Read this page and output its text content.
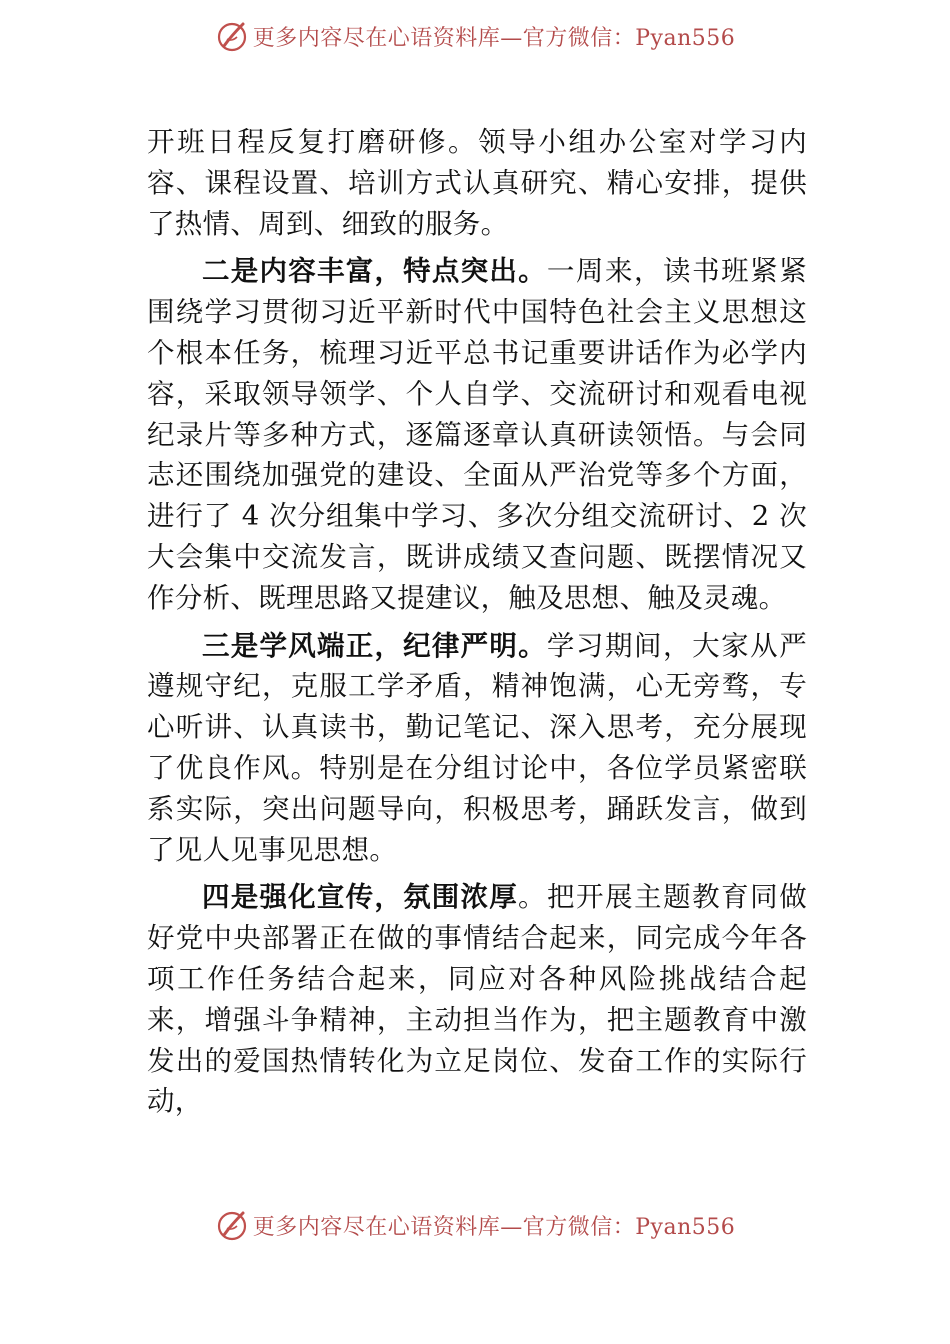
更多内容尽在心语资料库—官方微信：Pyan556

开班日程反复打磨研修。领导小组办公室对学习内容、课程设置、培训方式认真研究、精心安排，提供了热情、周到、细致的服务。

二是内容丰富，特点突出。一周来，读书班紧紧围绕学习贯彻习近平新时代中国特色社会主义思想这个根本任务，梳理习近平总书记重要讲话作为必学内容，采取领导领学、个人自学、交流研讨和观看电视纪录片等多种方式，逐篇逐章认真研读领悟。与会同志还围绕加强党的建设、全面从严治党等多个方面，进行了 4 次分组集中学习、多次分组交流研讨、2 次大会集中交流发言，既讲成绩又查问题、既摆情况又作分析、既理思路又提建议，触及思想、触及灵魂。

三是学风端正，纪律严明。学习期间，大家从严遵规守纪，克服工学矛盾，精神饱满，心无旁骛，专心听讲、认真读书，勤记笔记、深入思考，充分展现了优良作风。特别是在分组讨论中，各位学员紧密联系实际，突出问题导向，积极思考，踊跃发言，做到了见人见事见思想。

四是强化宣传，氛围浓厚。把开展主题教育同做好党中央部署正在做的事情结合起来，同完成今年各项工作任务结合起来，同应对各种风险挑战结合起来，增强斗争精神，主动担当作为，把主题教育中激发出的爱国热情转化为立足岗位、发奋工作的实际行动，

更多内容尽在心语资料库—官方微信：Pyan556
